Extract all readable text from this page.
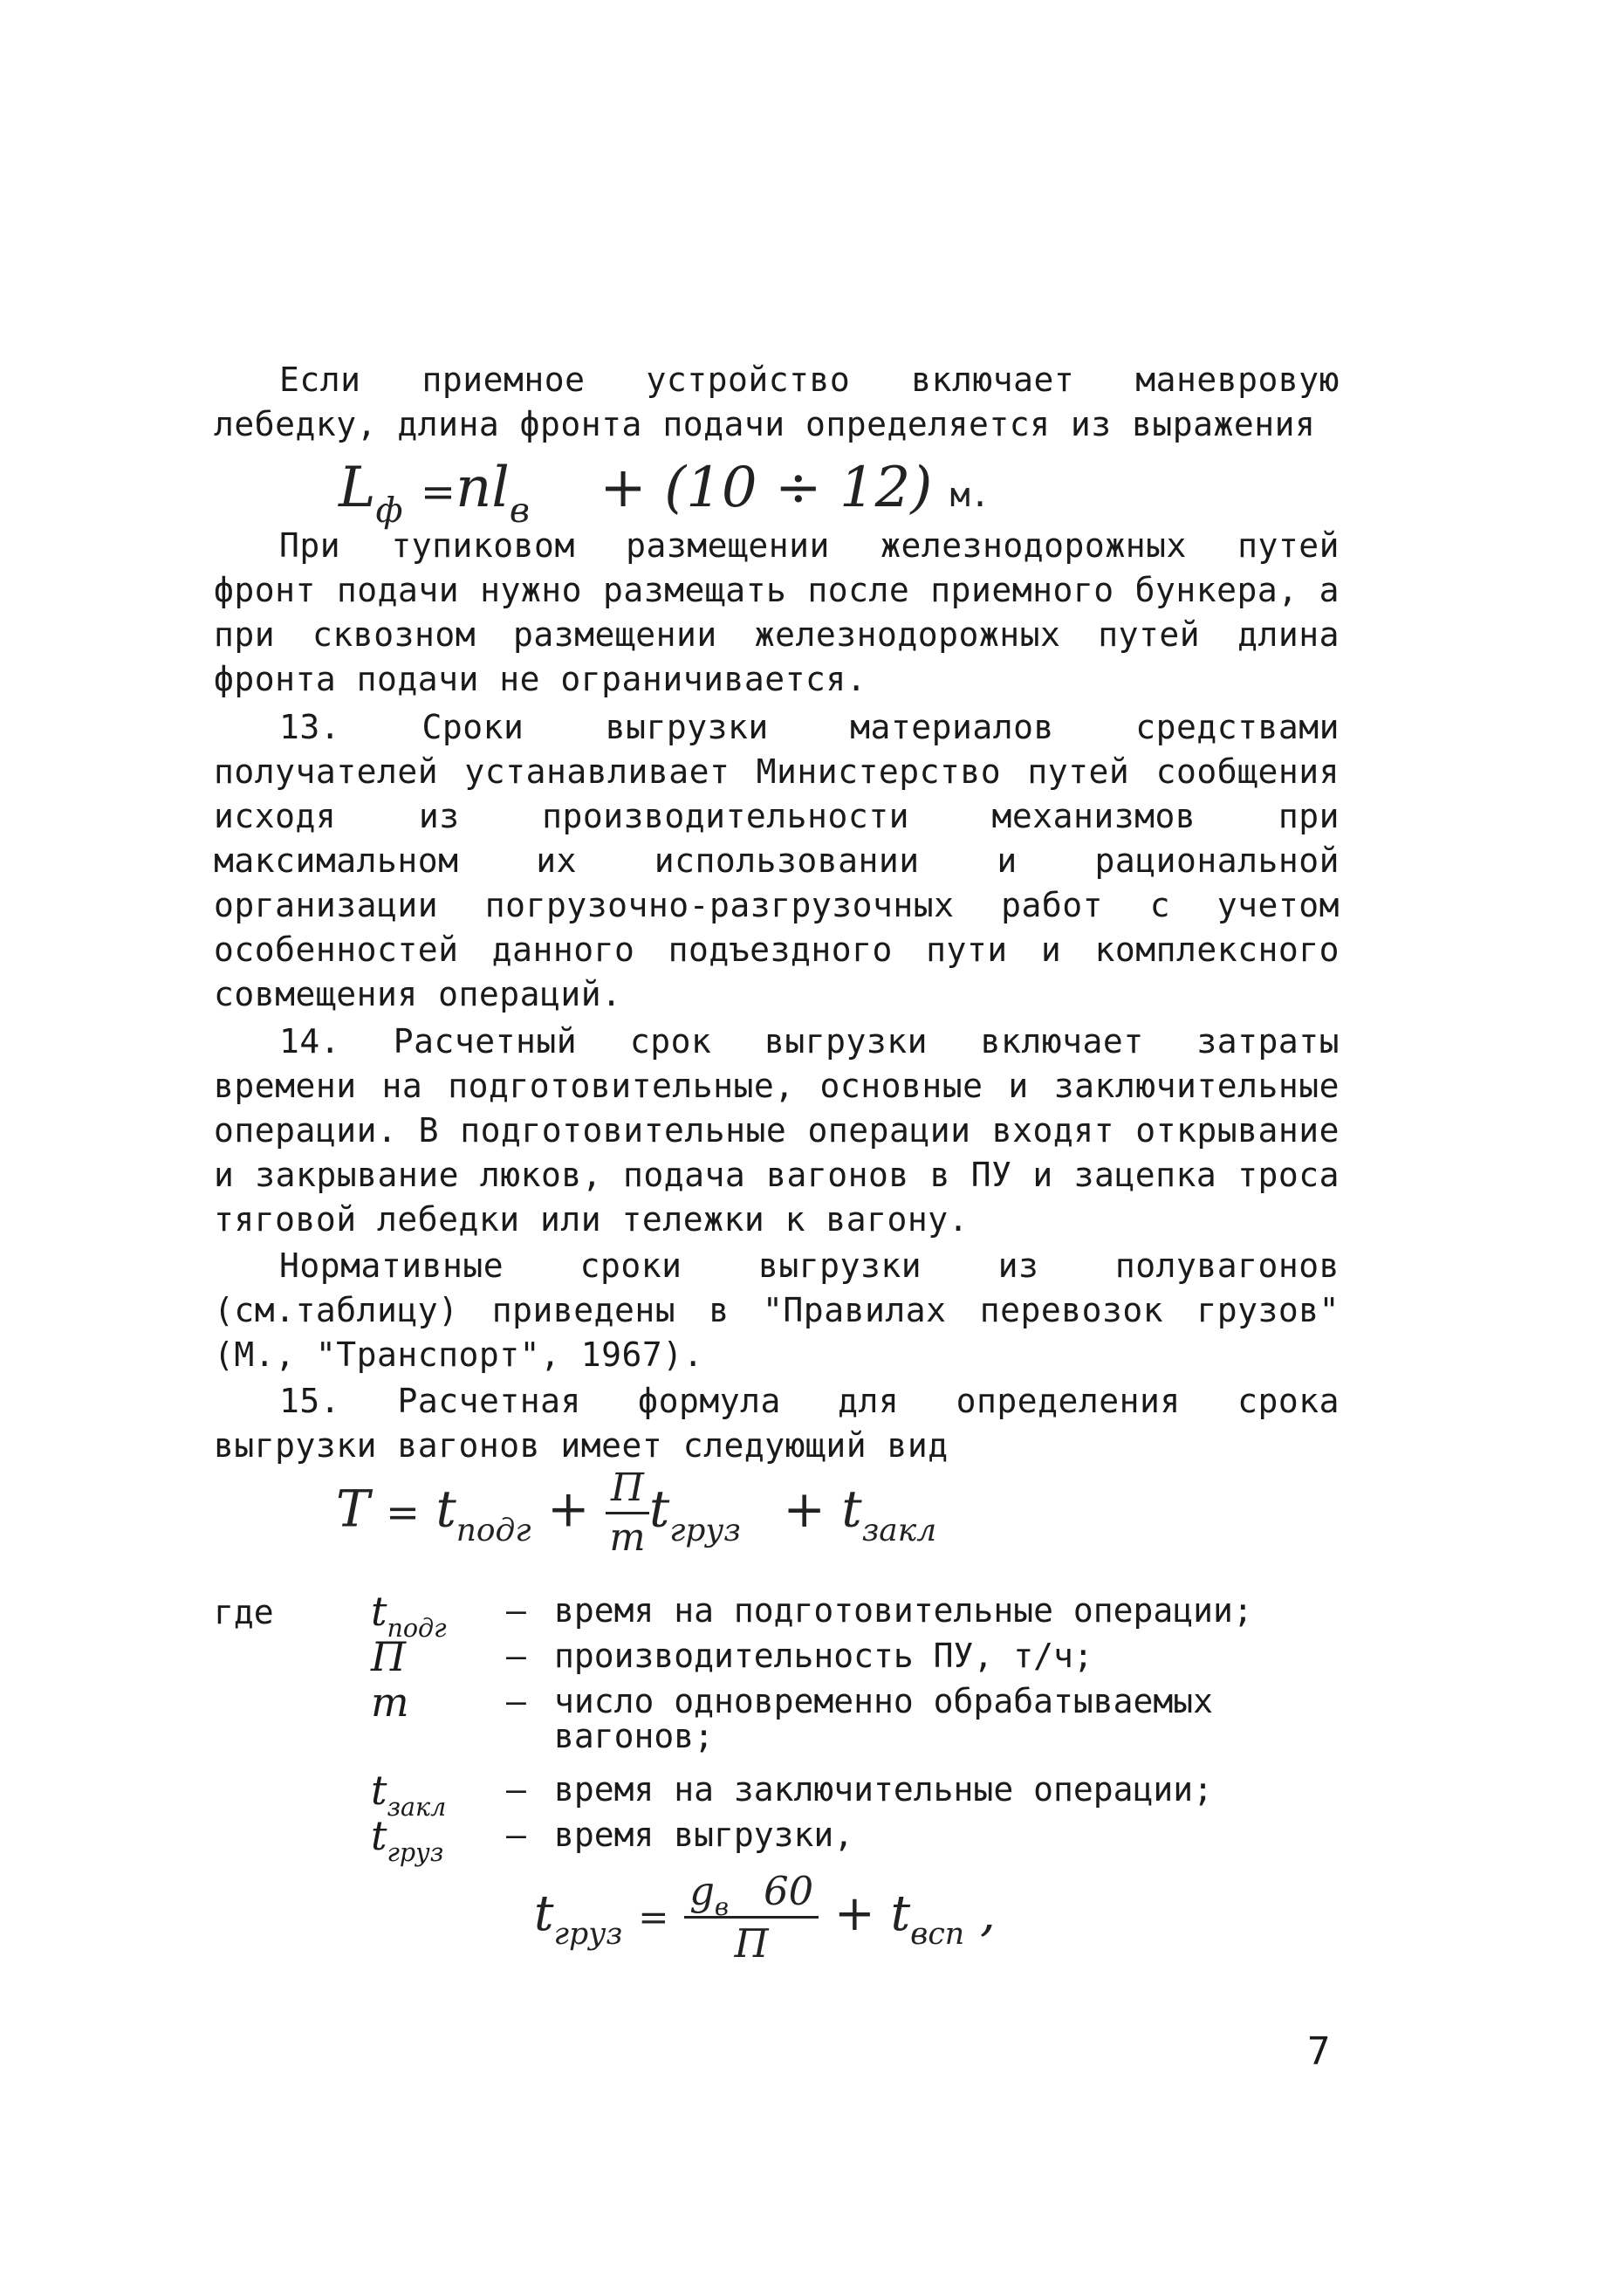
Если приемное устройство включает маневровую лебедку, длина фронта подачи определяется из выражения
$L_ф =nl_в + (10 \div 12)$ м.
При тупиковом размещении железнодорожных путей фронт подачи нужно размещать после приемного бункера, а при сквозном размещении железнодорожных путей длина фронта подачи не ограничивается.
13. Сроки выгрузки материалов средствами получателей устанавливает Министерство путей сообщения исходя из производительности механизмов при максимальном их использовании и рациональной организации погрузочно-разгрузочных работ с учетом особенностей данного подъездного пути и комплексного совмещения операций.
14. Расчетный срок выгрузки включает затраты времени на подготовительные, основные и заключительные операции. В подготовительные операции входят открывание и закрывание люков, подача вагонов в ПУ и зацепка троса тяговой лебедки или тележки к вагону.
Нормативные сроки выгрузки из полувагонов (см.таблицу) приведены в "Правилах перевозок грузов" (М., "Транспорт", 1967).
15. Расчетная формула для определения срока выгрузки вагонов имеет следующий вид
$T = t_{подг} + \frac{П}{m} t_{груз} + t_{закл}$
где $t_{подг}$ – время на подготовительные операции;
П	– производительность ПУ, т/ч;
m	– число одновременно обрабатываемых вагонов;
$t_{закл}$ – время на заключительные операции;
$t_{груз}$ – время выгрузки,
$t_{груз} = \frac{g_в 60}{П} + t_{всп}$ ,
7
